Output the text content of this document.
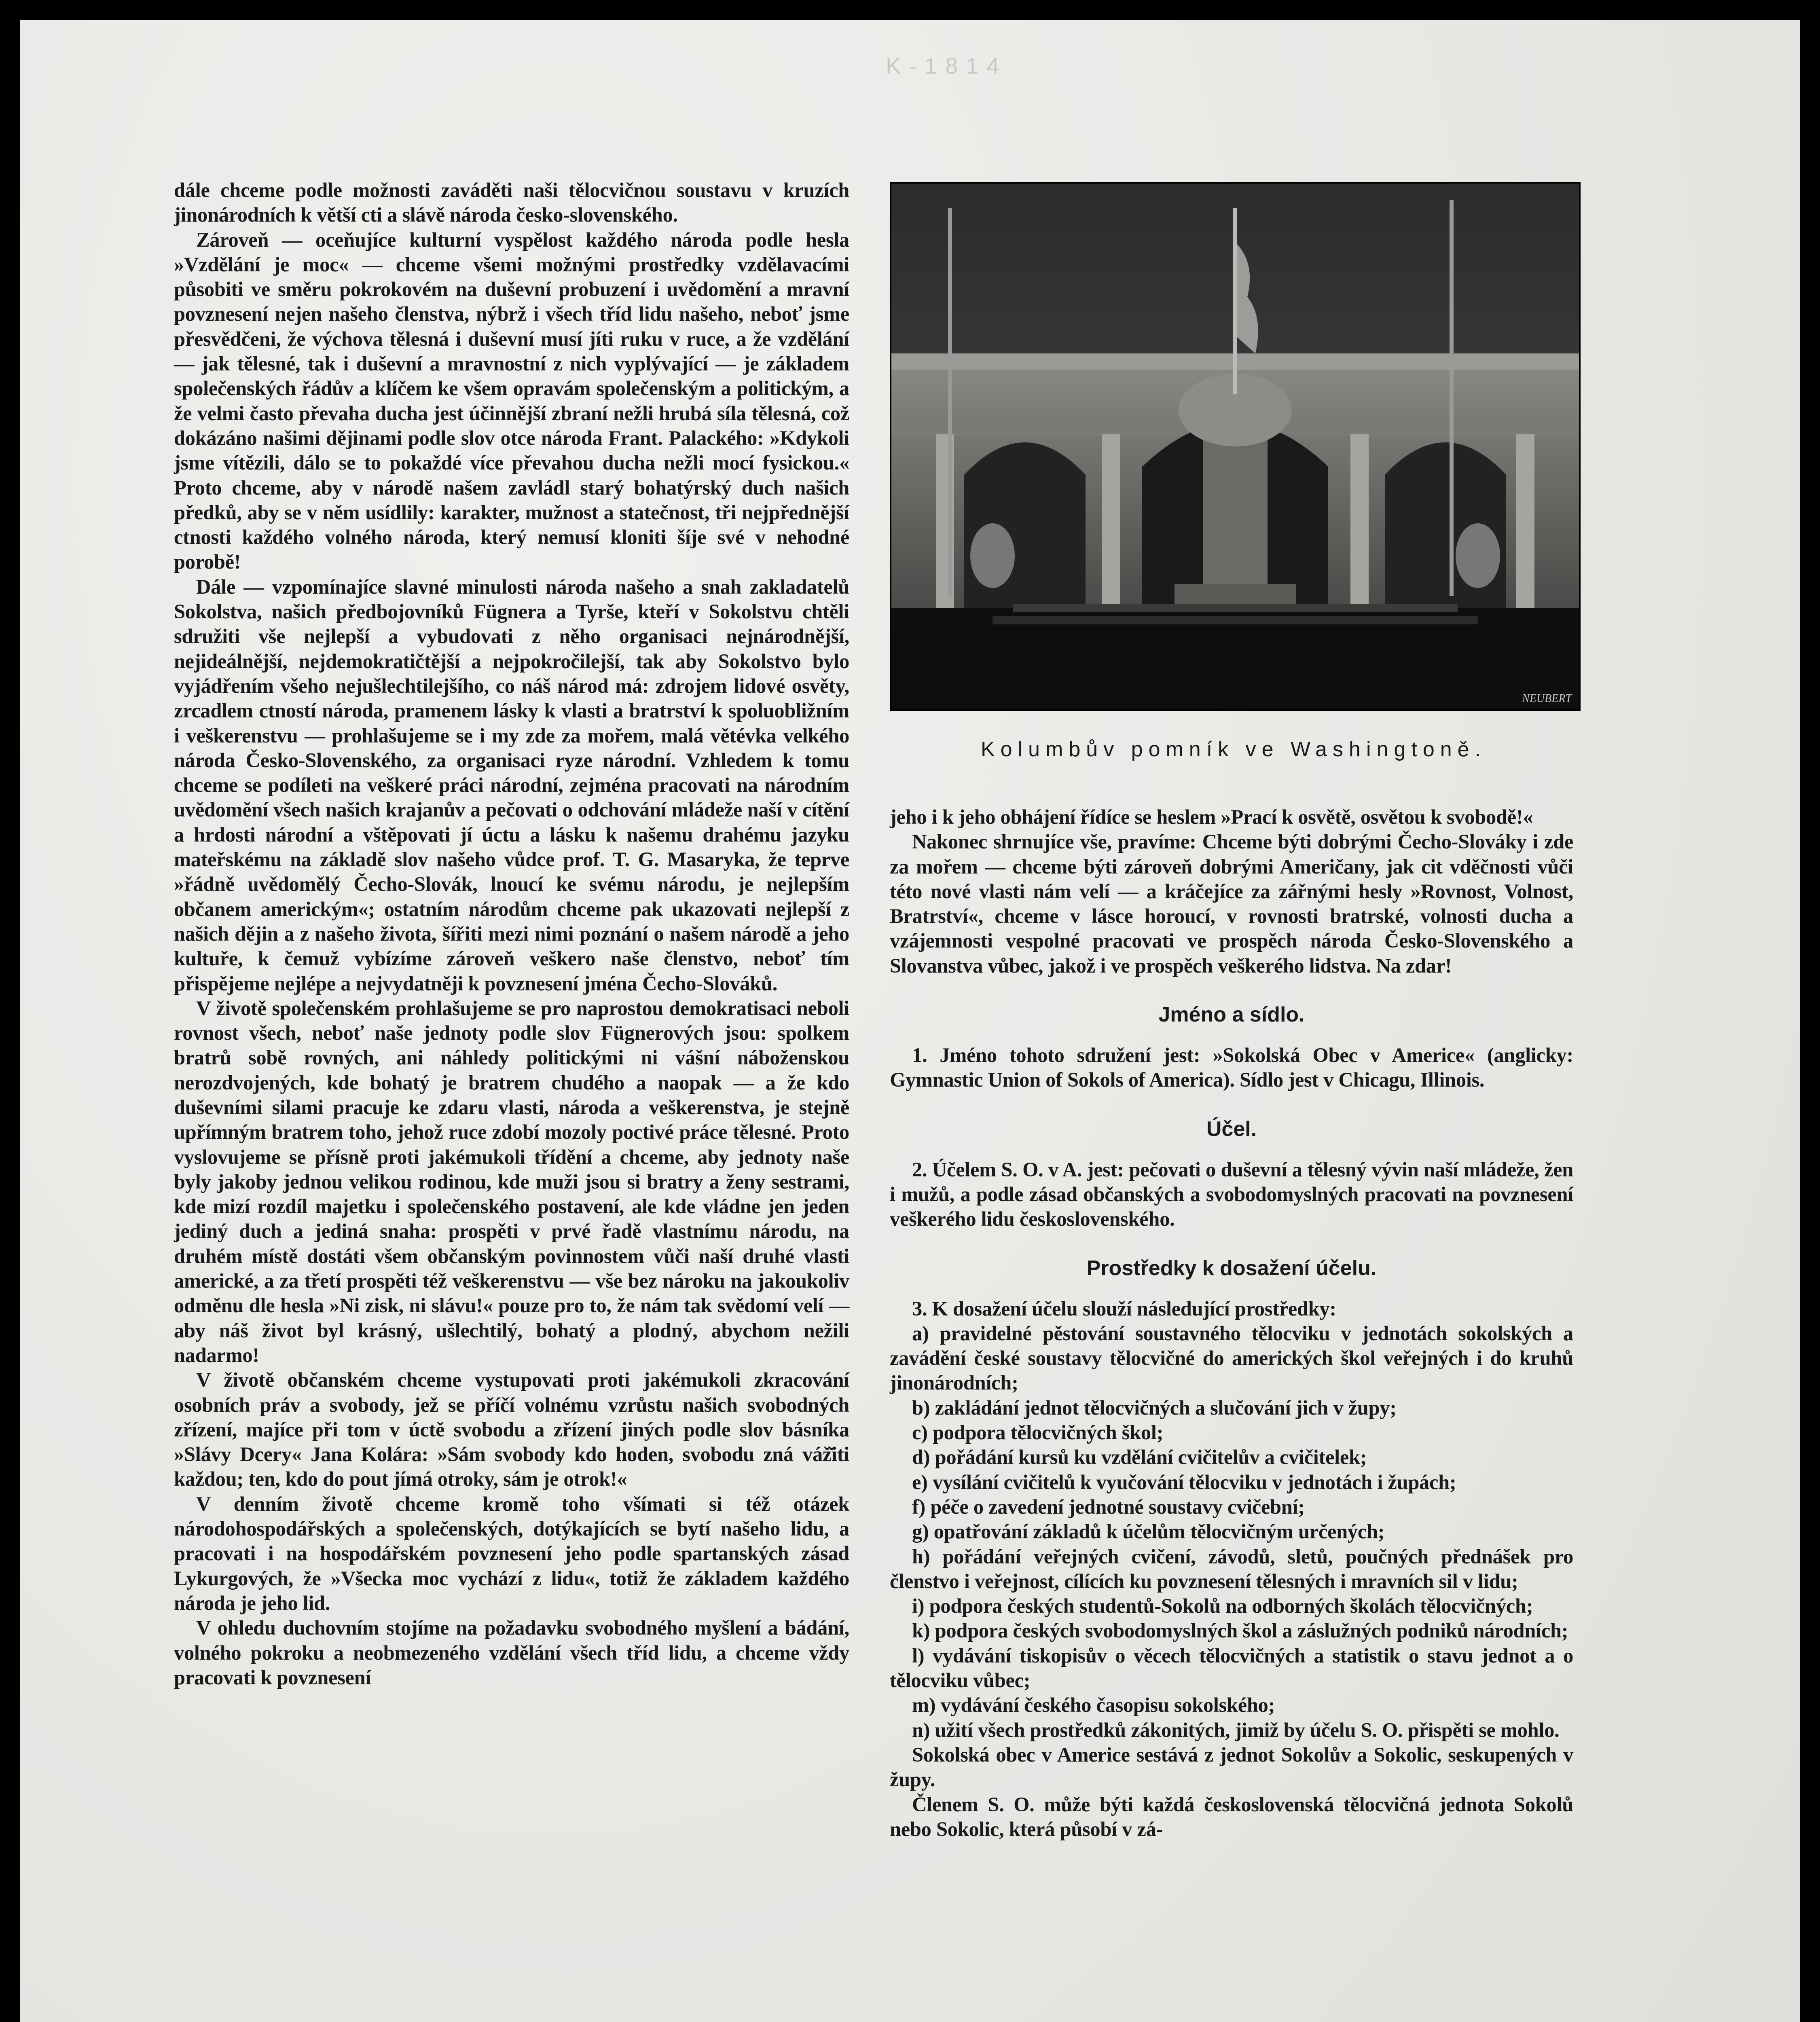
K-1814

dále chceme podle možnosti zaváděti naši tělocvičnou soustavu v kruzích jinonárodních k větší cti a slávě národa česko-slovenského.

Zároveň — oceňujíce kulturní vyspělost každého národa podle hesla »Vzdělání je moc« — chceme všemi možnými prostředky vzdělavacími působiti ve směru pokrokovém na duševní probuzení i uvědomění a mravní povznesení nejen našeho členstva, nýbrž i všech tříd lidu našeho, neboť jsme přesvědčeni, že výchova tělesná i duševní musí jíti ruku v ruce, a že vzdělání — jak tělesné, tak i duševní a mravnostní z nich vyplývající — je základem společenských řádův a klíčem ke všem opravám společenským a politickým, a že velmi často převaha ducha jest účinnější zbraní nežli hrubá síla tělesná, což dokázáno našimi dějinami podle slov otce národa Frant. Palackého: »Kdykoli jsme vítězili, dálo se to pokaždé více převahou ducha nežli mocí fysickou.« Proto chceme, aby v národě našem zavládl starý bohatýrský duch našich předků, aby se v něm usídlily: karakter, mužnost a statečnost, tři nejpřednější ctnosti každého volného národa, který nemusí kloniti šíje své v nehodné porobě!

Dále — vzpomínajíce slavné minulosti národa našeho a snah zakladatelů Sokolstva, našich předbojovníků Fügnera a Tyrše, kteří v Sokolstvu chtěli sdružiti vše nejlepší a vybudovati z něho organisaci nejnárodnější, nejideálnější, nejdemokratičtější a nejpokročilejší, tak aby Sokolstvo bylo vyjádřením všeho nejušlechtilejšího, co náš národ má: zdrojem lidové osvěty, zrcadlem ctností národa, pramenem lásky k vlasti a bratrství k spoluobližním i veškerenstvu — prohlašujeme se i my zde za mořem, malá větévka velkého národa Česko-Slovenského, za organisaci ryze národní. Vzhledem k tomu chceme se podíleti na veškeré práci národní, zejména pracovati na národním uvědomění všech našich krajanův a pečovati o odchování mládeže naší v cítění a hrdosti národní a vštěpovati jí úctu a lásku k našemu drahému jazyku mateřskému na základě slov našeho vůdce prof. T. G. Masaryka, že teprve »řádně uvědomělý Čecho-Slovák, lnoucí ke svému národu, je nejlepším občanem americkým«; ostatním národům chceme pak ukazovati nejlepší z našich dějin a z našeho života, šířiti mezi nimi poznání o našem národě a jeho kultuře, k čemuž vybízíme zároveň veškero naše členstvo, neboť tím přispějeme nejlépe a nejvydatněji k povznesení jména Čecho-Slováků.

V životě společenském prohlašujeme se pro naprostou demokratisaci neboli rovnost všech, neboť naše jednoty podle slov Fügnerových jsou: spolkem bratrů sobě rovných, ani náhledy politickými ni vášní náboženskou nerozdvojených, kde bohatý je bratrem chudého a naopak — a že kdo duševními silami pracuje ke zdaru vlasti, národa a veškerenstva, je stejně upřímným bratrem toho, jehož ruce zdobí mozoly poctivé práce tělesné. Proto vyslovujeme se přísně proti jakémukoli třídění a chceme, aby jednoty naše byly jakoby jednou velikou rodinou, kde muži jsou si bratry a ženy sestrami, kde mizí rozdíl majetku i společenského postavení, ale kde vládne jen jeden jediný duch a jediná snaha: prospěti v prvé řadě vlastnímu národu, na druhém místě dostáti všem občanským povinnostem vůči naší druhé vlasti americké, a za třetí prospěti též veškerenstvu — vše bez nároku na jakoukoliv odměnu dle hesla »Ni zisk, ni slávu!« pouze pro to, že nám tak svědomí velí — aby náš život byl krásný, ušlechtilý, bohatý a plodný, abychom nežili nadarmo!

V životě občanském chceme vystupovati proti jakémukoli zkracování osobních práv a svobody, jež se příčí volnému vzrůstu našich svobodných zřízení, majíce při tom v úctě svobodu a zřízení jiných podle slov básníka »Slávy Dcery« Jana Kolára: »Sám svobody kdo hoden, svobodu zná váž̌iti každou; ten, kdo do pout jímá otroky, sám je otrok!«

V denním životě chceme kromě toho všímati si též otázek národohospodářských a společenských, dotýkajících se bytí našeho lidu, a pracovati i na hospodářském povznesení jeho podle spartanských zásad Lykurgových, že »Všecka moc vychází z lidu«, totiž že základem každého národa je jeho lid.

V ohledu duchovním stojíme na požadavku svobodného myšlení a bádání, volného pokroku a neobmezeného vzdělání všech tříd lidu, a chceme vždy pracovati k povznesení

NEUBERT
Kolumbův pomník ve Washingtoně.

jeho i k jeho obhájení řídíce se heslem »Prací k osvětě, osvětou k svobodě!«

Nakonec shrnujíce vše, pravíme: Chceme býti dobrými Čecho-Slováky i zde za mořem — chceme býti zároveň dobrými Američany, jak cit vděčnosti vůči této nové vlasti nám velí — a kráčejíce za zářnými hesly »Rovnost, Volnost, Bratrství«, chceme v lásce horoucí, v rovnosti bratrské, volnosti ducha a vzájemnosti vespolné pracovati ve prospěch národa Česko-Slovenského a Slovanstva vůbec, jakož i ve prospěch veškerého lidstva. Na zdar!

Jméno a sídlo.

1. Jméno tohoto sdružení jest: »Sokolská Obec v Americe« (anglicky: Gymnastic Union of Sokols of America). Sídlo jest v Chicagu, Illinois.

Účel.

2. Účelem S. O. v A. jest: pečovati o duševní a tělesný vývin naší mládeže, žen i mužů, a podle zásad občanských a svobodomyslných pracovati na povznesení veškerého lidu československého.

Prostředky k dosažení účelu.

3. K dosažení účelu slouží následující prostředky:

a) pravidelné pěstování soustavného tělocviku v jednotách sokolských a zavádění české soustavy tělocvičné do amerických škol veřejných i do kruhů jinonárodních;

b) zakládání jednot tělocvičných a slučování jich v župy;

c) podpora tělocvičných škol;

d) pořádání kursů ku vzdělání cvičitelův a cvičitelek;

e) vysílání cvičitelů k vyučování tělocviku v jednotách i župách;

f) péče o zavedení jednotné soustavy cvičební;

g) opatřování základů k účelům tělocvičným určených;

h) pořádání veřejných cvičení, závodů, sletů, poučných přednášek pro členstvo i veřejnost, cílících ku povznesení tělesných i mravních sil v lidu;

i) podpora českých studentů-Sokolů na odborných školách tělocvičných;

k) podpora českých svobodomyslných škol a záslužných podniků národních;

l) vydávání tiskopisův o věcech tělocvičných a statistik o stavu jednot a o tělocviku vůbec;

m) vydávání českého časopisu sokolského;

n) užití všech prostředků zákonitých, jimiž by účelu S. O. přispěti se mohlo.

Sokolská obec v Americe sestává z jednot Sokolův a Sokolic, seskupených v župy.

Členem S. O. může býti každá československá tělocvičná jednota Sokolů nebo Sokolic, která působí v zá-
